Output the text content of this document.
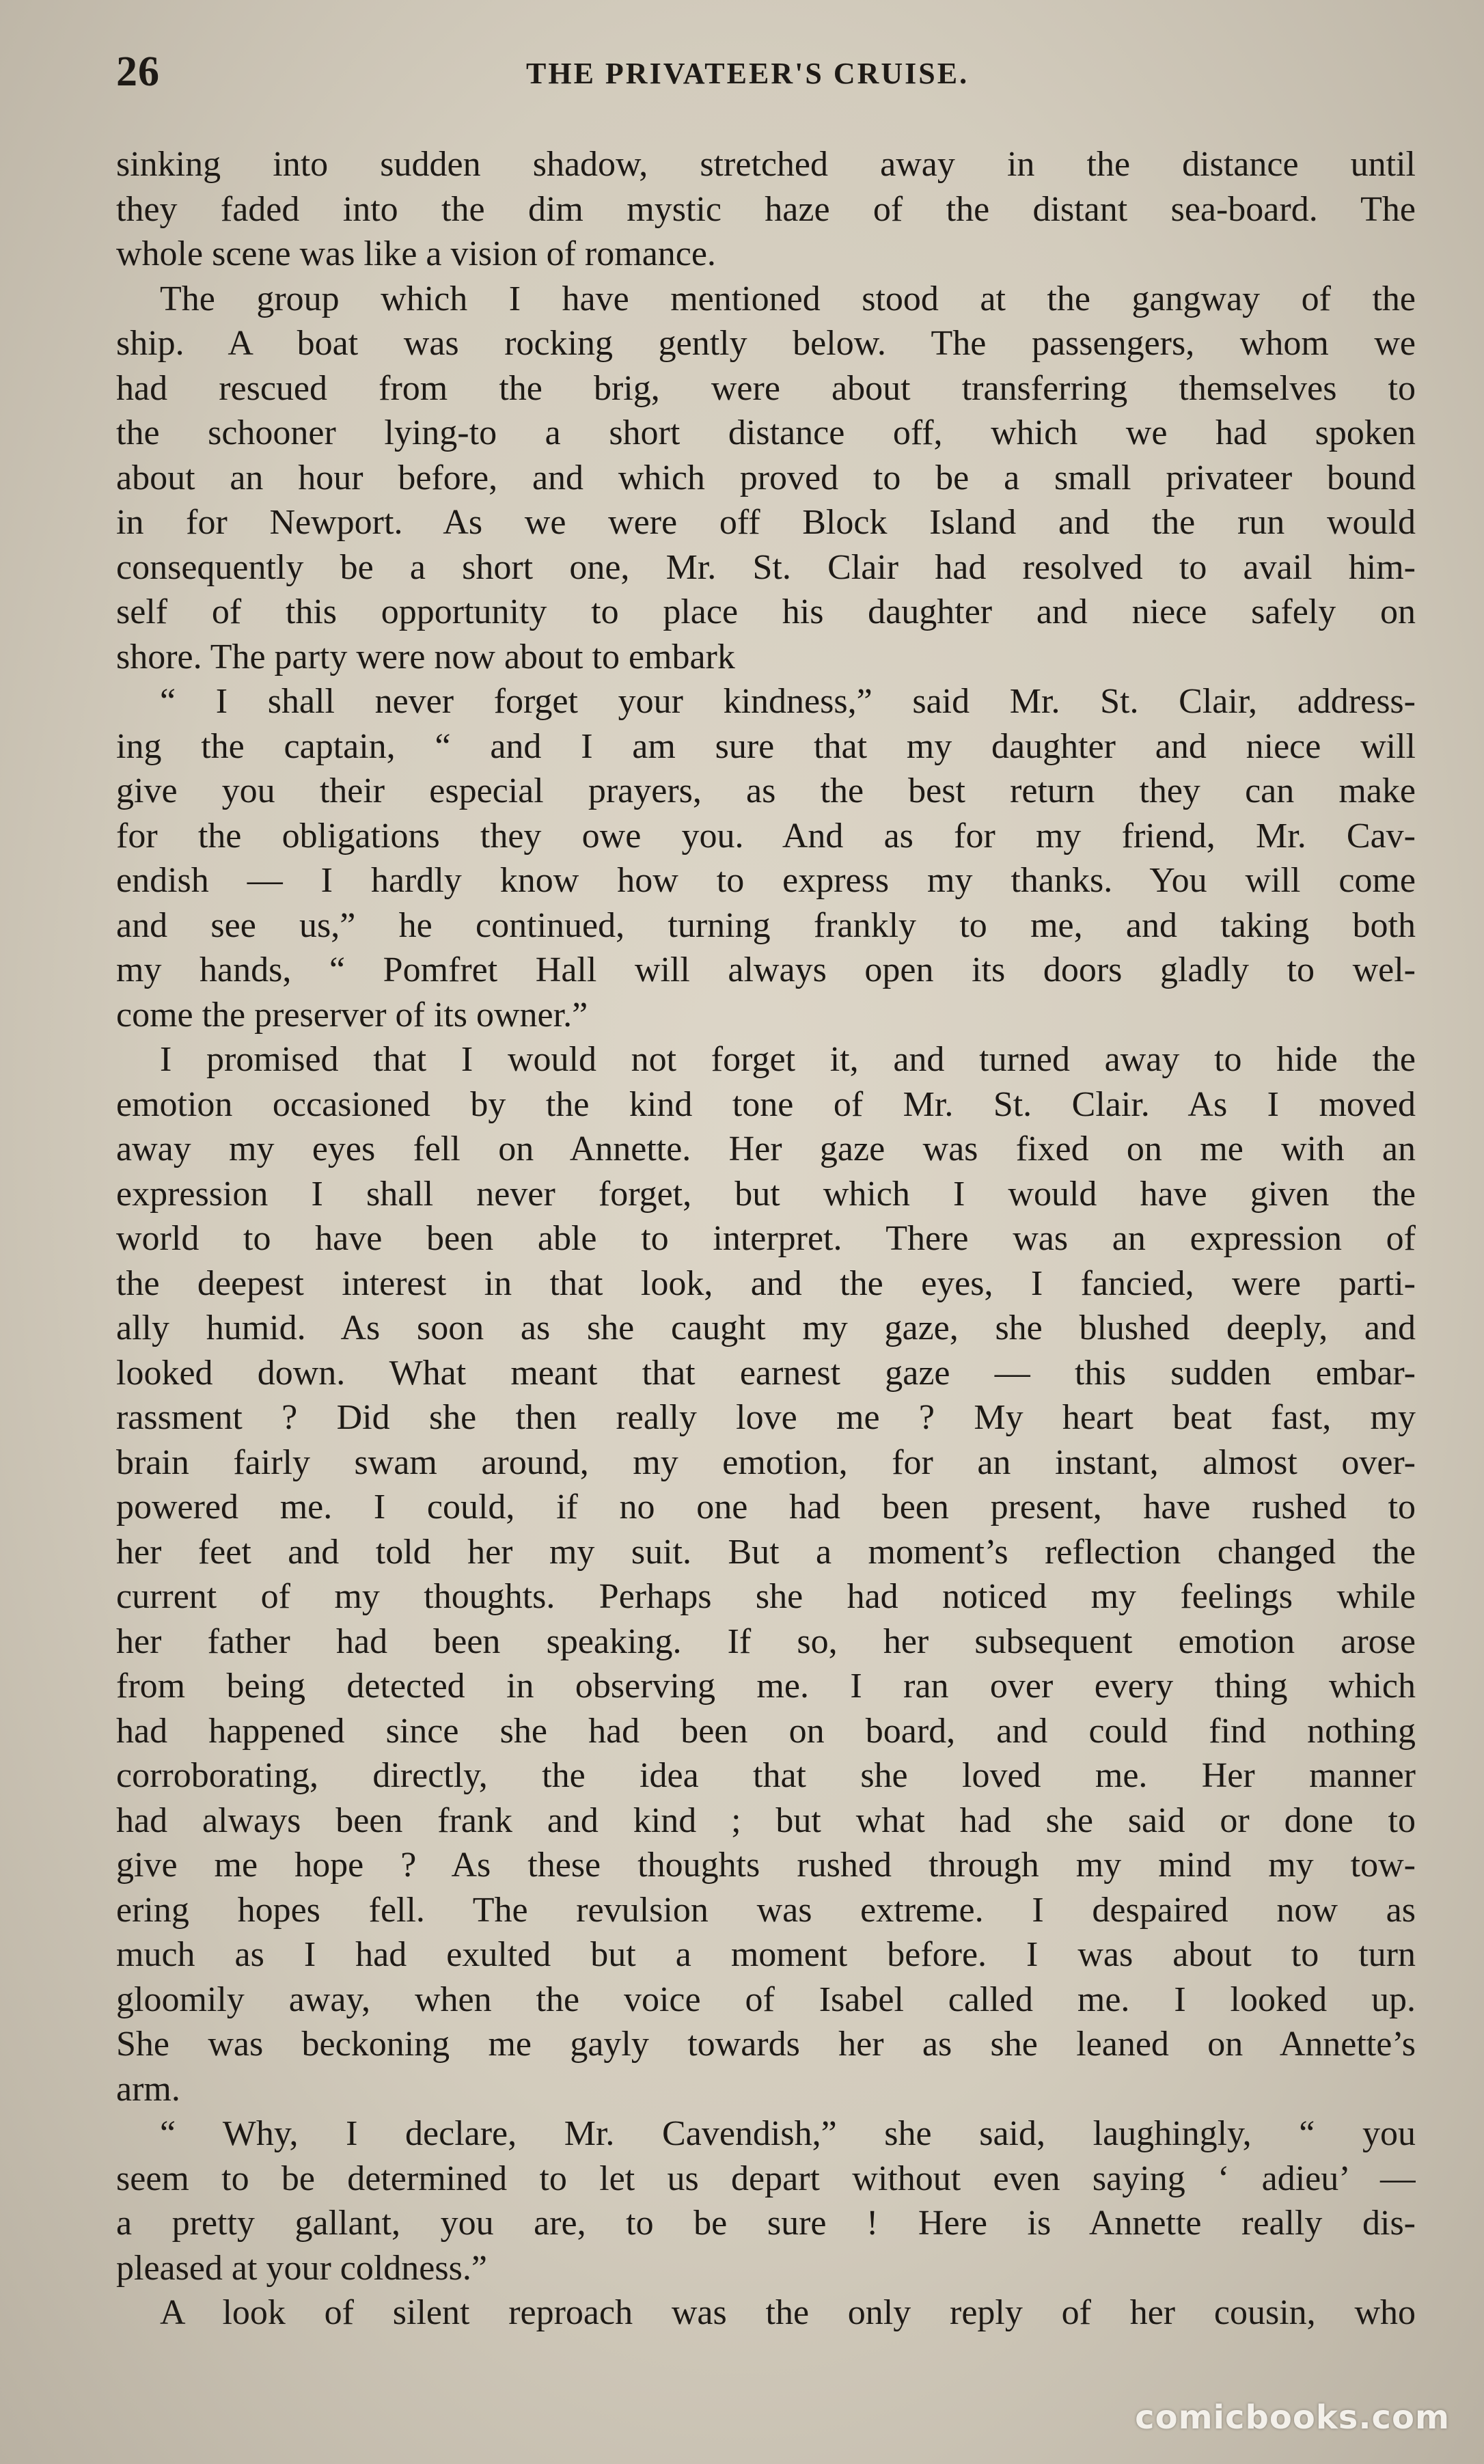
26	THE PRIVATEER'S CRUISE.
sinking into sudden shadow, stretched away in the distance until
they faded into the dim mystic haze of the distant sea-board. The
whole scene was like a vision of romance.
The group which I have mentioned stood at the gangway of the
ship. A boat was rocking gently below. The passengers, whom we
had rescued from the brig, were about transferring themselves to
the schooner lying-to a short distance off, which we had spoken
about an hour before, and which proved to be a small privateer bound
in for Newport. As we were off Block Island and the run would
consequently be a short one, Mr. St. Clair had resolved to avail him-
self of this opportunity to place his daughter and niece safely on
shore. The party were now about to embark
“ I shall never forget your kindness,” said Mr. St. Clair, address-
ing the captain, “ and I am sure that my daughter and niece will
give you their especial prayers, as the best return they can make
for the obligations they owe you. And as for my friend, Mr. Cav-
endish — I hardly know how to express my thanks. You will come
and see us,” he continued, turning frankly to me, and taking both
my hands, “ Pomfret Hall will always open its doors gladly to wel-
come the preserver of its owner.”
I promised that I would not forget it, and turned away to hide the
emotion occasioned by the kind tone of Mr. St. Clair. As I moved
away my eyes fell on Annette. Her gaze was fixed on me with an
expression I shall never forget, but which I would have given the
world to have been able to interpret. There was an expression of
the deepest interest in that look, and the eyes, I fancied, were parti-
ally humid. As soon as she caught my gaze, she blushed deeply, and
looked down. What meant that earnest gaze — this sudden embar-
rassment ? Did she then really love me ? My heart beat fast, my
brain fairly swam around, my emotion, for an instant, almost over-
powered me. I could, if no one had been present, have rushed to
her feet and told her my suit. But a moment’s reflection changed the
current of my thoughts. Perhaps she had noticed my feelings while
her father had been speaking. If so, her subsequent emotion arose
from being detected in observing me. I ran over every thing which
had happened since she had been on board, and could find nothing
corroborating, directly, the idea that she loved me. Her manner
had always been frank and kind ; but what had she said or done to
give me hope ? As these thoughts rushed through my mind my tow-
ering hopes fell. The revulsion was extreme. I despaired now as
much as I had exulted but a moment before. I was about to turn
gloomily away, when the voice of Isabel called me. I looked up.
She was beckoning me gayly towards her as she leaned on Annette’s
arm.
“ Why, I declare, Mr. Cavendish,” she said, laughingly, “ you
seem to be determined to let us depart without even saying ‘ adieu’ —
a pretty gallant, you are, to be sure ! Here is Annette really dis-
pleased at your coldness.”
A look of silent reproach was the only reply of her cousin, who
comicbooks.com
